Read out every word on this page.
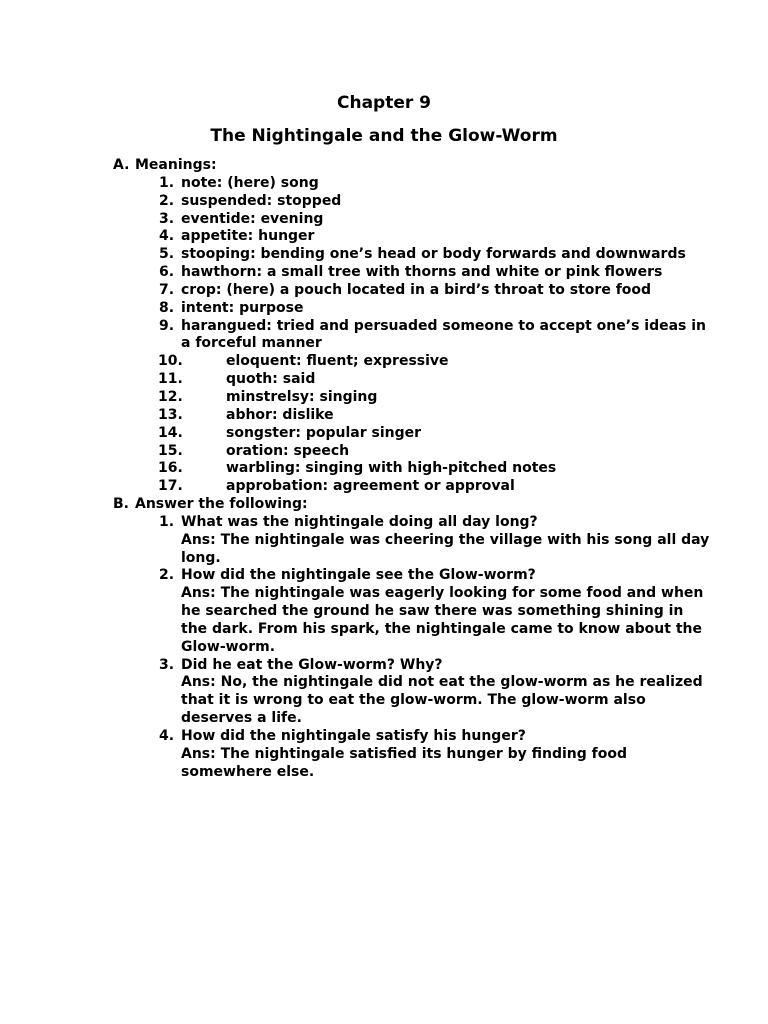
Chapter 9
The Nightingale and the Glow-Worm
A. Meanings:
1. note: (here) song
2. suspended: stopped
3. eventide: evening
4. appetite: hunger
5. stooping: bending one’s head or body forwards and downwards
6. hawthorn: a small tree with thorns and white or pink flowers
7. crop: (here) a pouch located in a bird’s throat to store food
8. intent: purpose
9. harangued: tried and persuaded someone to accept one’s ideas in a forceful manner
10.	eloquent: fluent; expressive
11.	quoth: said
12.	minstrelsy: singing
13.	abhor: dislike
14.	songster: popular singer
15.	oration: speech
16.	warbling: singing with high-pitched notes
17.	approbation: agreement or approval
B. Answer the following:
1. What was the nightingale doing all day long?
Ans: The nightingale was cheering the village with his song all day long.
2. How did the nightingale see the Glow-worm?
Ans: The nightingale was eagerly looking for some food and when he searched the ground he saw there was something shining in the dark. From his spark, the nightingale came to know about the Glow-worm.
3. Did he eat the Glow-worm? Why?
Ans: No, the nightingale did not eat the glow-worm as he realized that it is wrong to eat the glow-worm. The glow-worm also deserves a life.
4. How did the nightingale satisfy his hunger?
Ans: The nightingale satisfied its hunger by finding food somewhere else.
